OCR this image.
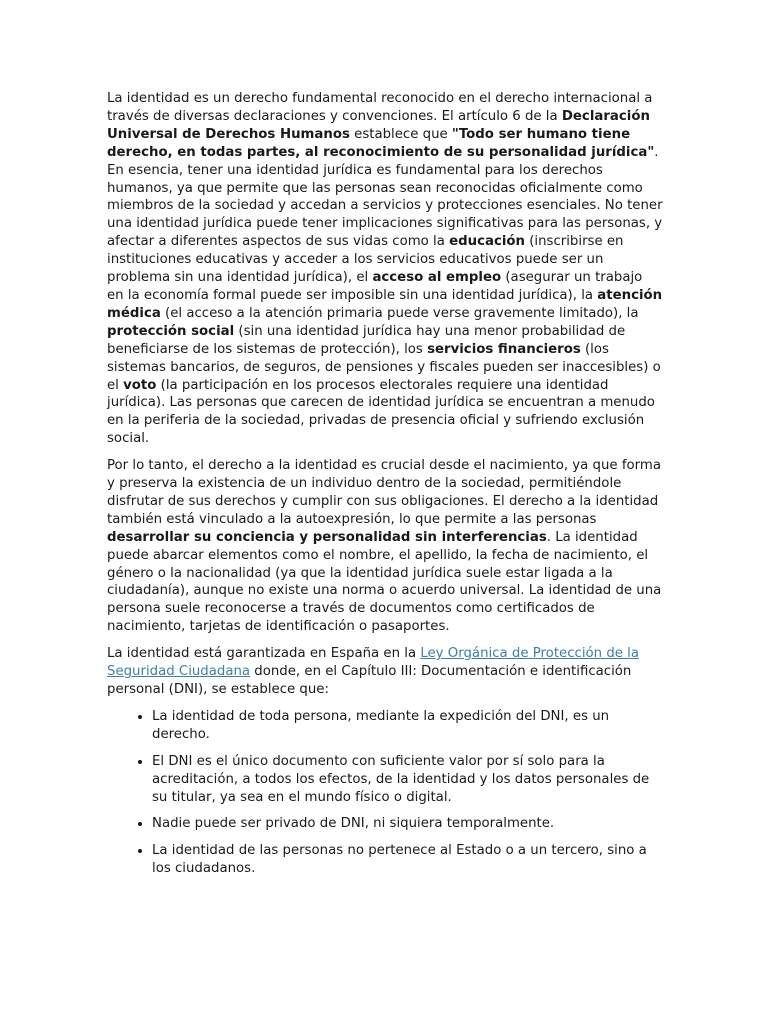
La identidad es un derecho fundamental reconocido en el derecho internacional a través de diversas declaraciones y convenciones. El artículo 6 de la Declaración Universal de Derechos Humanos establece que "Todo ser humano tiene derecho, en todas partes, al reconocimiento de su personalidad jurídica". En esencia, tener una identidad jurídica es fundamental para los derechos humanos, ya que permite que las personas sean reconocidas oficialmente como miembros de la sociedad y accedan a servicios y protecciones esenciales. No tener una identidad jurídica puede tener implicaciones significativas para las personas, y afectar a diferentes aspectos de sus vidas como la educación (inscribirse en instituciones educativas y acceder a los servicios educativos puede ser un problema sin una identidad jurídica), el acceso al empleo (asegurar un trabajo en la economía formal puede ser imposible sin una identidad jurídica), la atención médica (el acceso a la atención primaria puede verse gravemente limitado), la protección social (sin una identidad jurídica hay una menor probabilidad de beneficiarse de los sistemas de protección), los servicios financieros (los sistemas bancarios, de seguros, de pensiones y fiscales pueden ser inaccesibles) o el voto (la participación en los procesos electorales requiere una identidad jurídica). Las personas que carecen de identidad jurídica se encuentran a menudo en la periferia de la sociedad, privadas de presencia oficial y sufriendo exclusión social.

Por lo tanto, el derecho a la identidad es crucial desde el nacimiento, ya que forma y preserva la existencia de un individuo dentro de la sociedad, permitiéndole disfrutar de sus derechos y cumplir con sus obligaciones. El derecho a la identidad también está vinculado a la autoexpresión, lo que permite a las personas desarrollar su conciencia y personalidad sin interferencias. La identidad puede abarcar elementos como el nombre, el apellido, la fecha de nacimiento, el género o la nacionalidad (ya que la identidad jurídica suele estar ligada a la ciudadanía), aunque no existe una norma o acuerdo universal. La identidad de una persona suele reconocerse a través de documentos como certificados de nacimiento, tarjetas de identificación o pasaportes.

La identidad está garantizada en España en la Ley Orgánica de Protección de la Seguridad Ciudadana donde, en el Capítulo III: Documentación e identificación personal (DNI), se establece que:

• La identidad de toda persona, mediante la expedición del DNI, es un derecho.
• El DNI es el único documento con suficiente valor por sí solo para la acreditación, a todos los efectos, de la identidad y los datos personales de su titular, ya sea en el mundo físico o digital.
• Nadie puede ser privado de DNI, ni siquiera temporalmente.
• La identidad de las personas no pertenece al Estado o a un tercero, sino a los ciudadanos.
